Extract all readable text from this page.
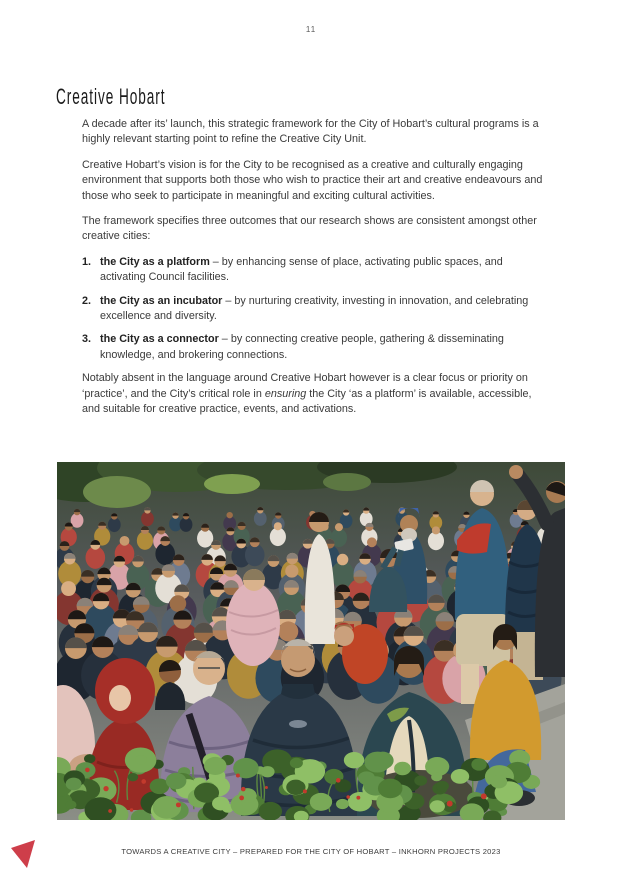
11
Creative Hobart

A decade after its’ launch, this strategic framework for the City of Hobart’s cultural programs is a highly relevant starting point to refine the Creative City Unit.

Creative Hobart’s vision is for the City to be recognised as a creative and culturally engaging environment that supports both those who wish to practice their art and creative endeavours and those who seek to participate in meaningful and exciting cultural activities.

The framework specifies three outcomes that our research shows are consistent amongst other creative cities:

1. the City as a platform – by enhancing sense of place, activating public spaces, and activating Council facilities.
2. the City as an incubator – by nurturing creativity, investing in innovation, and celebrating excellence and diversity.
3. the City as a connector – by connecting creative people, gathering & disseminating knowledge, and brokering connections.

Notably absent in the language around Creative Hobart however is a clear focus or priority on ‘practice’, and the City’s critical role in ensuring the City ‘as a platform’ is available, accessible, and suitable for creative practice, events, and activations.

TOWARDS A CREATIVE CITY – PREPARED FOR THE CITY OF HOBART – INKHORN PROJECTS 2023
